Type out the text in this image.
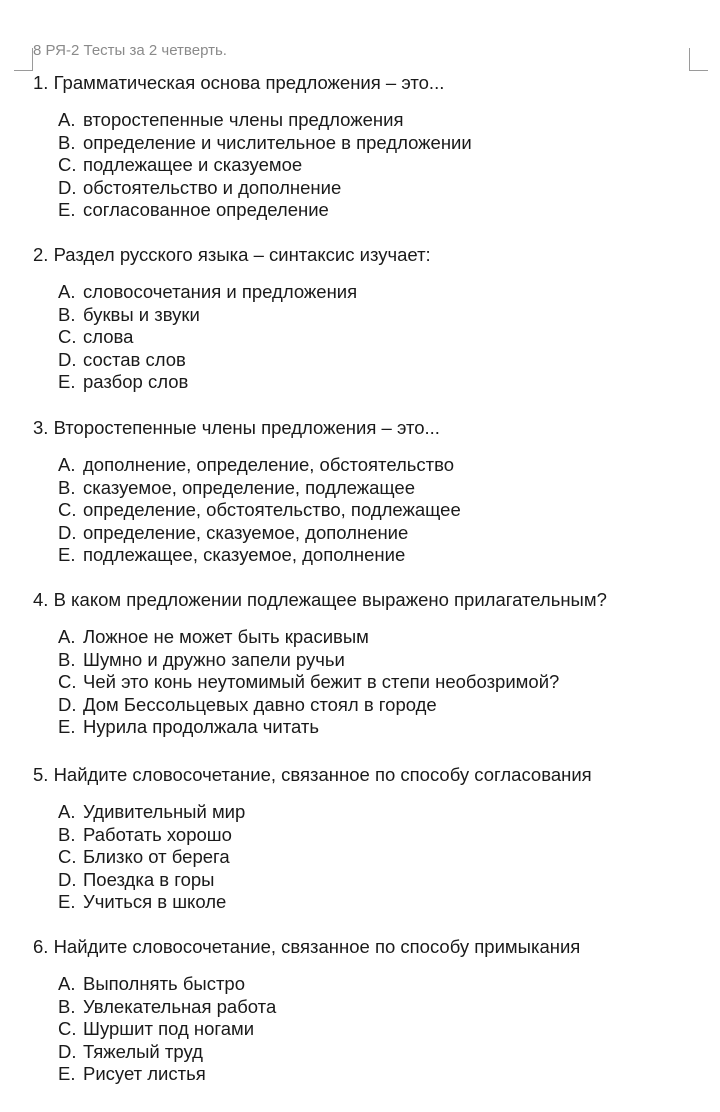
8 РЯ-2 Тесты за 2 четверть.

1. Грамматическая основа предложения – это...

A. второстепенные члены предложения
B. определение и числительное в предложении
C. подлежащее и сказуемое
D. обстоятельство и дополнение
E. согласованное определение

2. Раздел русского языка – синтаксис изучает:

A. словосочетания и предложения
B. буквы и звуки
C. слова
D. состав слов
E. разбор слов

3. Второстепенные члены предложения – это...

A. дополнение, определение, обстоятельство
B. сказуемое, определение, подлежащее
C. определение, обстоятельство, подлежащее
D. определение, сказуемое, дополнение
E. подлежащее, сказуемое, дополнение

4. В каком предложении подлежащее выражено прилагательным?

A. Ложное не может быть красивым
B. Шумно и дружно запели ручьи
C. Чей это конь неутомимый бежит в степи необозримой?
D. Дом Бессольцевых давно стоял в городе
E. Нурила продолжала читать

5. Найдите словосочетание, связанное по способу согласования

A. Удивительный мир
B. Работать хорошо
C. Близко от берега
D. Поездка в горы
E. Учиться в школе

6. Найдите словосочетание, связанное по способу примыкания

A. Выполнять быстро
B. Увлекательная работа
C. Шуршит под ногами
D. Тяжелый труд
E. Рисует листья
